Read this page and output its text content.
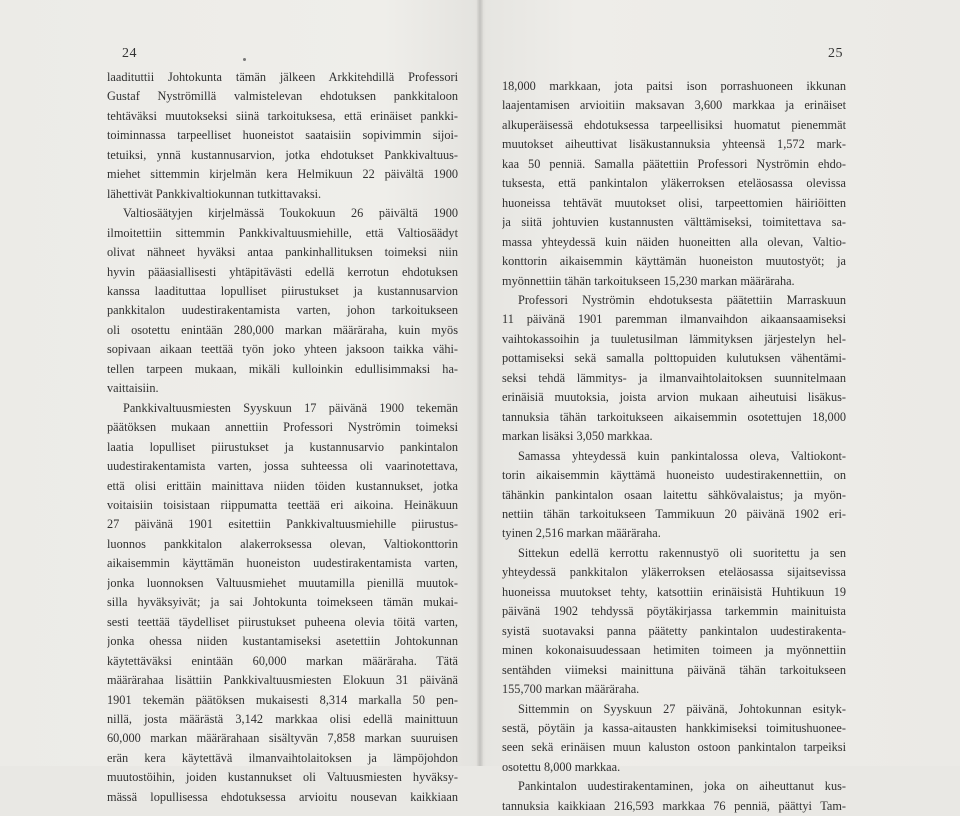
24
laadituttii Johtokunta tämän jälkeen Arkkitehdillä Professori
Gustaf Nyströmillä valmistelevan ehdotuksen pankkitaloon
tehtäväksi muutokseksi siinä tarkoituksesa, että erinäiset pankki-
toiminnassa tarpeelliset huoneistot saataisiin sopivimmin sijoi-
tetuiksi, ynnä kustannusarvion, jotka ehdotukset Pankkivaltuus-
miehet sittemmin kirjelmän kera Helmikuun 22 päivältä 1900
lähettivät Pankkivaltiokunnan tutkittavaksi.
Valtiosäätyjen kirjelmässä Toukokuun 26 päivältä 1900
ilmoitettiin sittemmin Pankkivaltuusmiehille, että Valtiosäädyt
olivat nähneet hyväksi antaa pankinhallituksen toimeksi niin
hyvin pääasiallisesti yhtäpitävästi edellä kerrotun ehdotuksen
kanssa laadituttaa lopulliset piirustukset ja kustannusarvion
pankkitalon uudestirakentamista varten, johon tarkoitukseen
oli osotettu enintään 280,000 markan määräraha, kuin myös
sopivaan aikaan teettää työn joko yhteen jaksoon taikka vähi-
tellen tarpeen mukaan, mikäli kulloinkin edullisimmaksi ha-
vaittaisiin.
Pankkivaltuusmiesten Syyskuun 17 päivänä 1900 tekemän
päätöksen mukaan annettiin Professori Nyströmin toimeksi
laatia lopulliset piirustukset ja kustannusarvio pankintalon
uudestirakentamista varten, jossa suhteessa oli vaarinotettava,
että olisi erittäin mainittava niiden töiden kustannukset, jotka
voitaisiin toisistaan riippumatta teettää eri aikoina. Heinäkuun
27 päivänä 1901 esitettiin Pankkivaltuusmiehille piirustus-
luonnos pankkitalon alakerroksessa olevan, Valtiokonttorin
aikaisemmin käyttämän huoneiston uudestirakentamista varten,
jonka luonnoksen Valtuusmiehet muutamilla pienillä muutok-
silla hyväksyivät; ja sai Johtokunta toimekseen tämän mukai-
sesti teettää täydelliset piirustukset puheena olevia töitä varten,
jonka ohessa niiden kustantamiseksi asetettiin Johtokunnan
käytettäväksi enintään 60,000 markan määräraha. Tätä
määrärahaa lisättiin Pankkivaltuusmiesten Elokuun 31 päivänä
1901 tekemän päätöksen mukaisesti 8,314 markalla 50 pen-
nillä, josta määrästä 3,142 markkaa olisi edellä mainittuun
60,000 markan määrärahaan sisältyvän 7,858 markan suuruisen
erän kera käytettävä ilmanvaihtolaitoksen ja lämpöjohdon
muutostöihin, joiden kustannukset oli Valtuusmiesten hyväksy-
mässä lopullisessa ehdotuksessa arvioitu nousevan kaikkiaan
25
18,000 markkaan, jota paitsi ison porrashuoneen ikkunan
laajentamisen arvioitiin maksavan 3,600 markkaa ja erinäiset
alkuperäisessä ehdotuksessa tarpeellisiksi huomatut pienemmät
muutokset aiheuttivat lisäkustannuksia yhteensä 1,572 mark-
kaa 50 penniä. Samalla päätettiin Professori Nyströmin ehdo-
tuksesta, että pankintalon yläkerroksen eteläosassa olevissa
huoneissa tehtävät muutokset olisi, tarpeettomien häiriöitten
ja siitä johtuvien kustannusten välttämiseksi, toimitettava sa-
massa yhteydessä kuin näiden huoneitten alla olevan, Valtio-
konttorin aikaisemmin käyttämän huoneiston muutostyöt; ja
myönnettiin tähän tarkoitukseen 15,230 markan määräraha.
Professori Nyströmin ehdotuksesta päätettiin Marraskuun
11 päivänä 1901 paremman ilmanvaihdon aikaansaamiseksi
vaihtokassoihin ja tuuletusilman lämmityksen järjestelyn hel-
pottamiseksi sekä samalla polttopuiden kulutuksen vähentämi-
seksi tehdä lämmitys- ja ilmanvaihtolaitoksen suunnitelmaan
erinäisiä muutoksia, joista arvion mukaan aiheutuisi lisäkus-
tannuksia tähän tarkoitukseen aikaisemmin osotettujen 18,000
markan lisäksi 3,050 markkaa.
Samassa yhteydessä kuin pankintalossa oleva, Valtiokont-
torin aikaisemmin käyttämä huoneisto uudestirakennettiin, on
tähänkin pankintalon osaan laitettu sähkövalaistus; ja myön-
nettiin tähän tarkoitukseen Tammikuun 20 päivänä 1902 eri-
tyinen 2,516 markan määräraha.
Sittekun edellä kerrottu rakennustyö oli suoritettu ja sen
yhteydessä pankkitalon yläkerroksen eteläosassa sijaitsevissa
huoneissa muutokset tehty, katsottiin erinäisistä Huhtikuun 19
päivänä 1902 tehdyssä pöytäkirjassa tarkemmin mainituista
syistä suotavaksi panna päätetty pankintalon uudestirakenta-
minen kokonaisuudessaan hetimiten toimeen ja myönnettiin
sentähden viimeksi mainittuna päivänä tähän tarkoitukseen
155,700 markan määräraha.
Sittemmin on Syyskuun 27 päivänä, Johtokunnan esityk-
sestä, pöytäin ja kassa-aitausten hankkimiseksi toimitushuonee-
seen sekä erinäisen muun kaluston ostoon pankintalon tarpeiksi
osotettu 8,000 markkaa.
Pankintalon uudestirakentaminen, joka on aiheuttanut kus-
tannuksia kaikkiaan 216,593 markkaa 76 penniä, päättyi Tam-
